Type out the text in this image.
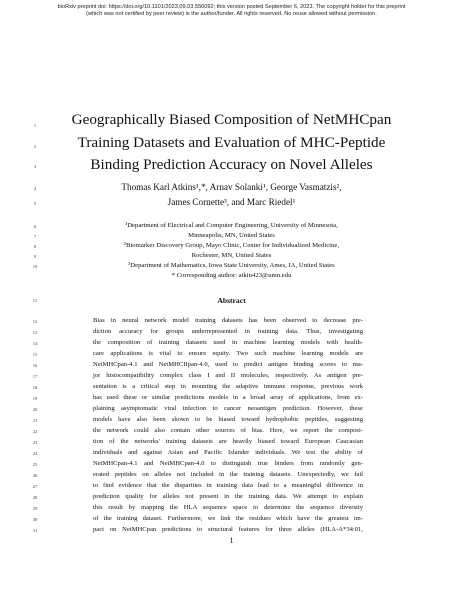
bioRxiv preprint doi: https://doi.org/10.1101/2023.09.03.556092; this version posted September 6, 2023. The copyright holder for this preprint
(which was not certified by peer review) is the author/funder. All rights reserved. No reuse allowed without permission.
Geographically Biased Composition of NetMHCpan
Training Datasets and Evaluation of MHC-Peptide
Binding Prediction Accuracy on Novel Alleles
Thomas Karl Atkins¹,*, Arnav Solanki¹, George Vasmatzis²,
James Cornette³, and Marc Riedel¹
¹Department of Electrical and Computer Engineering, University of Minnesota,
Minneapolis, MN, United States
²Biomarker Discovery Group, Mayo Clinic, Center for Individualized Medicine,
Rochester, MN, United States
³Department of Mathematics, Iowa State University, Ames, IA, United States
* Corresponding author: atkin423@umn.edu
Abstract
Bias in neural network model training datasets has been observed to decrease pre-
diction accuracy for groups underrepresented in training data. Thus, investigating
the composition of training datasets used in machine learning models with health-
care applications is vital to ensure equity. Two such machine learning models are
NetMHCpan-4.1 and NetMHCIIpan-4.0, used to predict antigen binding scores to ma-
jor histocompatibility complex class I and II molecules, respectively. As antigen pre-
sentation is a critical step in mounting the adaptive immune response, previous work
has used these or similar predictions models in a broad array of applications, from ex-
plaining asymptomatic viral infection to cancer neoantigen prediction. However, these
models have also been shown to be biased toward hydrophobic peptides, suggesting
the network could also contain other sources of bias. Here, we report the composi-
tion of the networks' training datasets are heavily biased toward European Caucasian
individuals and against Asian and Pacific Islander individuals. We test the ability of
NetMHCpan-4.1 and NetMHCpan-4.0 to distinguish true binders from randomly gen-
erated peptides on alleles not included in the training datasets. Unexpectedly, we fail
to find evidence that the disparities in training data lead to a meaningful difference in
prediction quality for alleles not present in the training data. We attempt to explain
this result by mapping the HLA sequence space to determine the sequence diversity
of the training dataset. Furthermore, we link the residues which have the greatest im-
pact on NetMHCpan predictions to structural features for three alleles (HLA-A*34:01,
1
2
3
4
5
6
7
8
9
10
11
12
13
14
15
16
17
18
19
20
21
22
23
24
25
26
27
28
29
30
31
1
